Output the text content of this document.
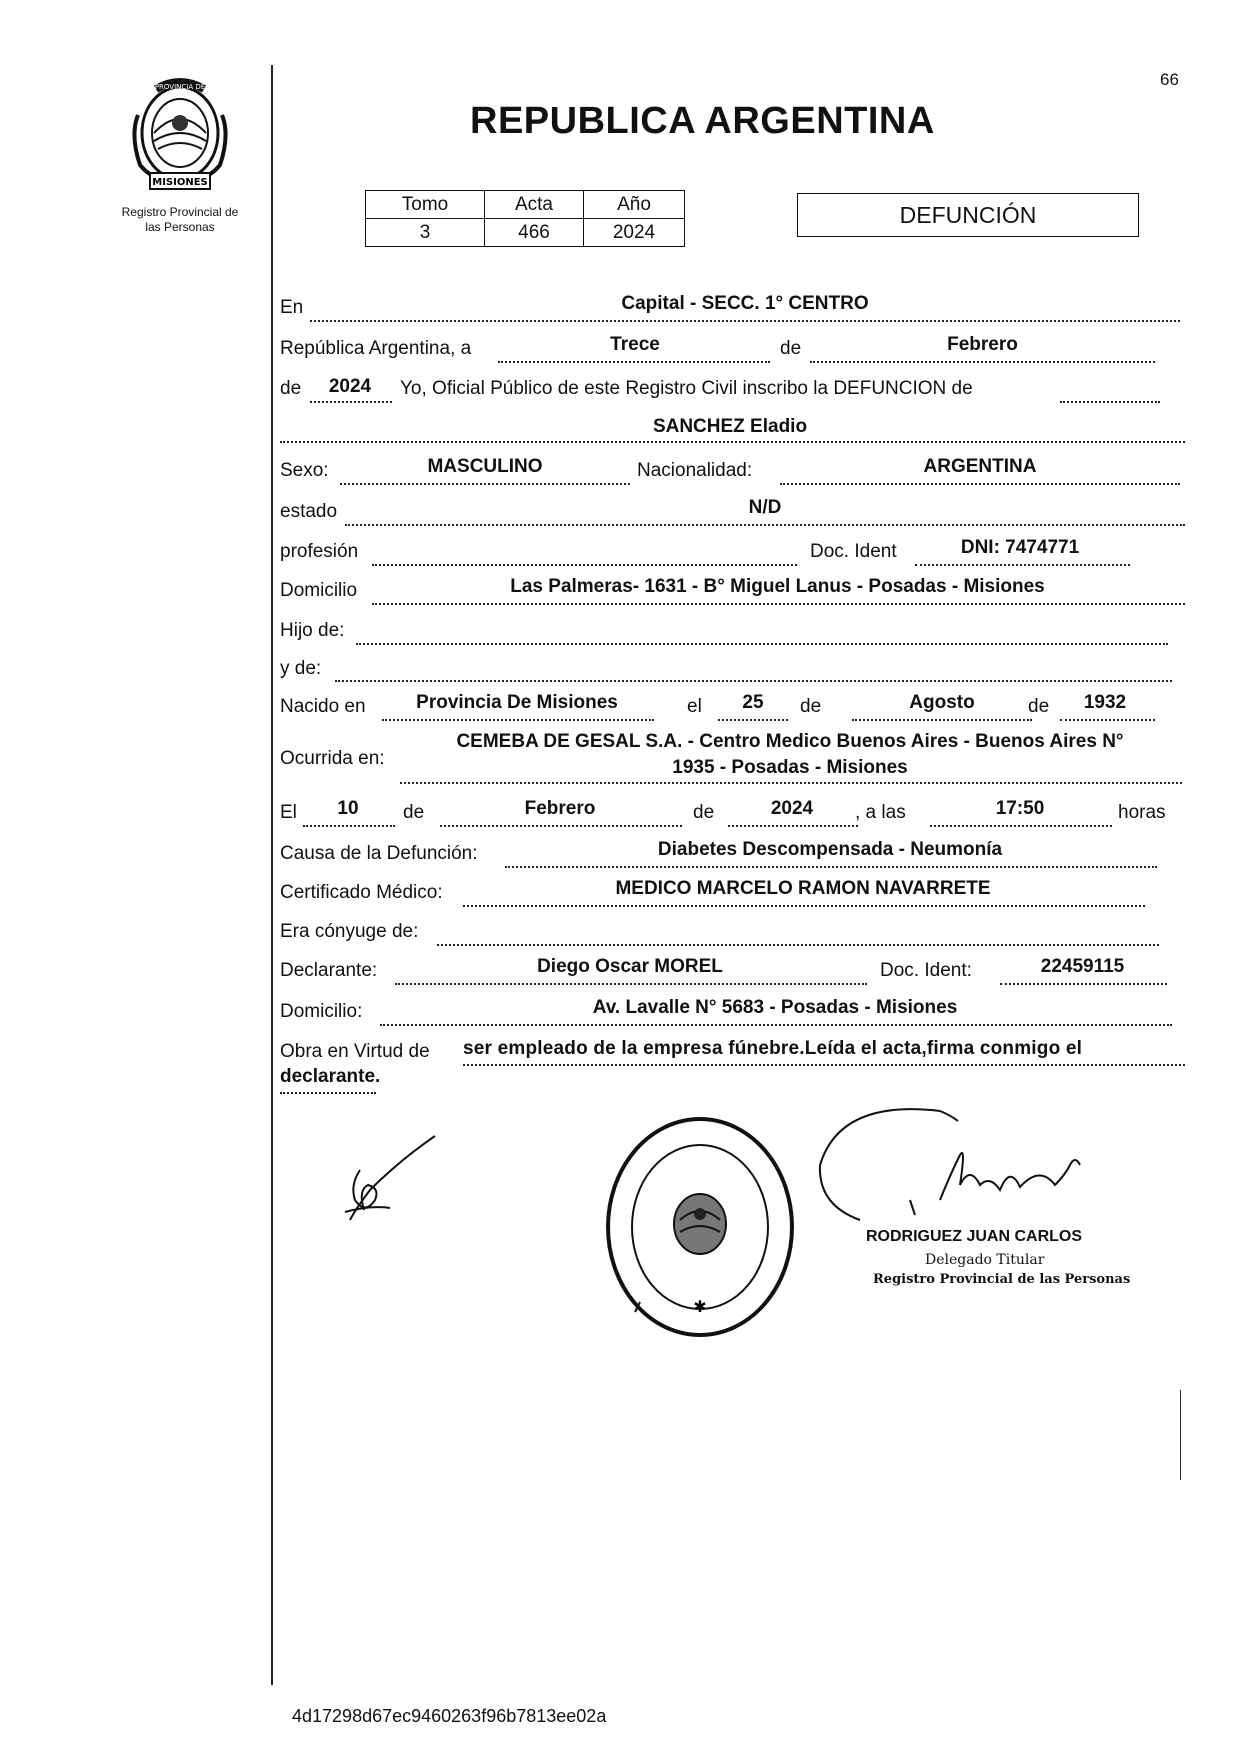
66
MISIONES
PROVINCIA DE
Registro Provincial de
las Personas
REPUBLICA ARGENTINA
Tomo	Acta	Año
3	466	2024
DEFUNCIÓN
En	Capital - SECC. 1° CENTRO
República Argentina, a	Trece	de	Febrero
de	2024	Yo, Oficial Público de este Registro Civil inscribo la DEFUNCION de
SANCHEZ Eladio
Sexo:	MASCULINO	Nacionalidad:	ARGENTINA
estado	N/D
profesión	Doc. Ident	DNI: 7474771
Domicilio	Las Palmeras- 1631 - B° Miguel Lanus - Posadas - Misiones
Hijo de:
y de:
Nacido en	Provincia De Misiones	el	25	de	Agosto	de	1932
Ocurrida en:
CEMEBA DE GESAL S.A. - Centro Medico Buenos Aires - Buenos Aires N°
1935 - Posadas - Misiones
El	10	de	Febrero	de	2024	, a las	17:50	horas
Causa de la Defunción:	Diabetes Descompensada - Neumonía
Certificado Médico:	MEDICO MARCELO RAMON NAVARRETE
Era cónyuge de:
Declarante:	Diego Oscar MOREL	Doc. Ident:	22459115
Domicilio:	Av. Lavalle N° 5683 - Posadas - Misiones
Obra en Virtud de ser empleado de la empresa fúnebre.Leída el acta,firma conmigo el
declarante.
✱
RODRIGUEZ JUAN CARLOS
Delegado Titular
Registro Provincial de las Personas
4d17298d67ec9460263f96b7813ee02a
